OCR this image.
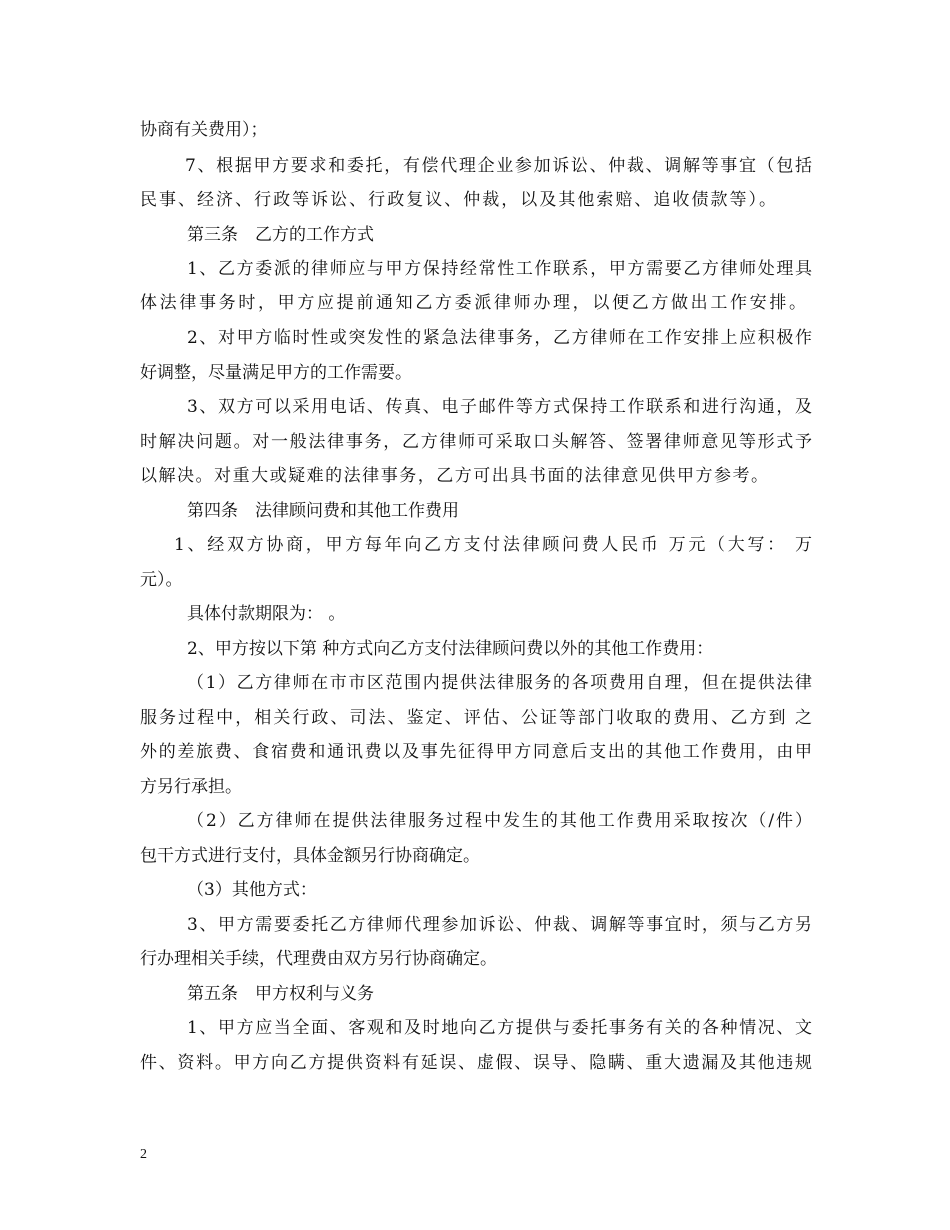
协商有关费用）；
7、根据甲方要求和委托，有偿代理企业参加诉讼、仲裁、调解等事宜（包括
民事、经济、行政等诉讼、行政复议、仲裁，以及其他索赔、追收债款等）。
第三条　乙方的工作方式
1、乙方委派的律师应与甲方保持经常性工作联系，甲方需要乙方律师处理具
体法律事务时，甲方应提前通知乙方委派律师办理，以便乙方做出工作安排。
2、对甲方临时性或突发性的紧急法律事务，乙方律师在工作安排上应积极作
好调整，尽量满足甲方的工作需要。
3、双方可以采用电话、传真、电子邮件等方式保持工作联系和进行沟通，及
时解决问题。对一般法律事务，乙方律师可采取口头解答、签署律师意见等形式予
以解决。对重大或疑难的法律事务，乙方可出具书面的法律意见供甲方参考。
第四条　法律顾问费和其他工作费用
1、经双方协商，甲方每年向乙方支付法律顾问费人民币 万元（大写： 万
元）。
具体付款期限为： 。
2、甲方按以下第 种方式向乙方支付法律顾问费以外的其他工作费用：
（1）乙方律师在市市区范围内提供法律服务的各项费用自理，但在提供法律
服务过程中，相关行政、司法、鉴定、评估、公证等部门收取的费用、乙方到 之
外的差旅费、食宿费和通讯费以及事先征得甲方同意后支出的其他工作费用，由甲
方另行承担。
（2）乙方律师在提供法律服务过程中发生的其他工作费用采取按次（/件）
包干方式进行支付，具体金额另行协商确定。
（3）其他方式：
3、甲方需要委托乙方律师代理参加诉讼、仲裁、调解等事宜时，须与乙方另
行办理相关手续，代理费由双方另行协商确定。
第五条　甲方权利与义务
1、甲方应当全面、客观和及时地向乙方提供与委托事务有关的各种情况、文
件、资料。甲方向乙方提供资料有延误、虚假、误导、隐瞒、重大遗漏及其他违规
2
